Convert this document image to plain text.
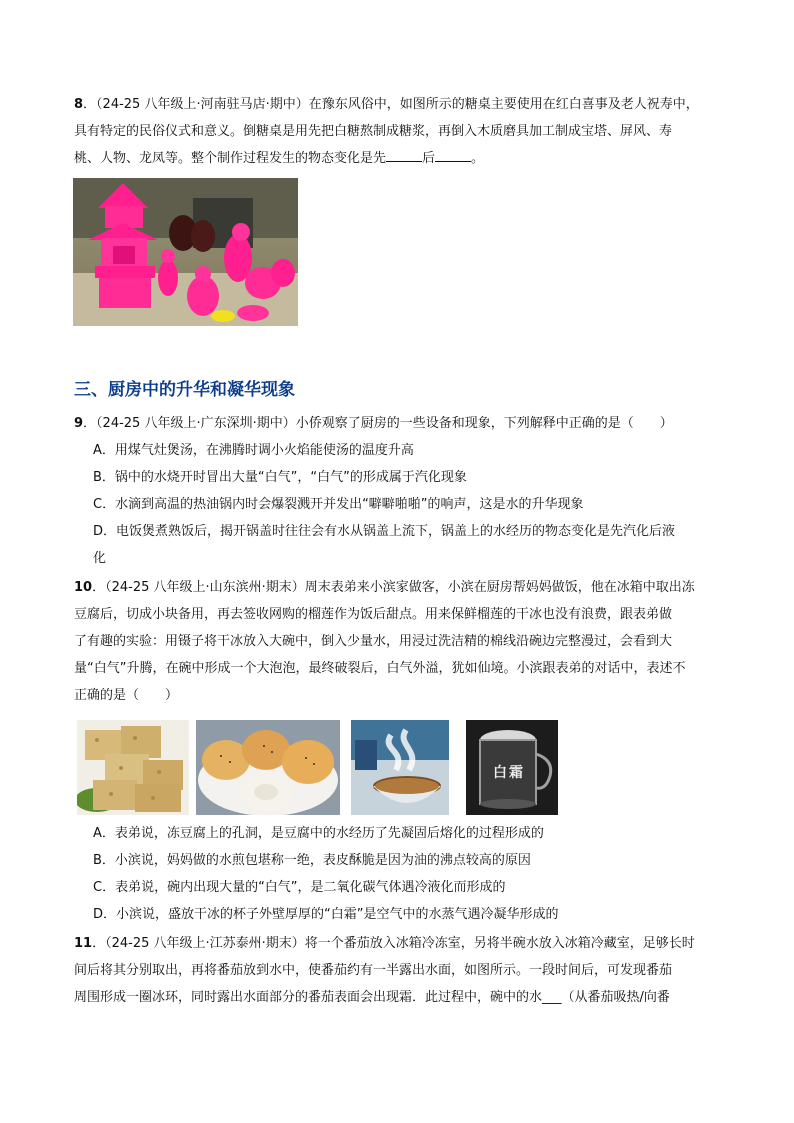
8．（24-25 八年级上·河南驻马店·期中）在豫东风俗中，如图所示的糖桌主要使用在红白喜事及老人祝寿中，
具有特定的民俗仪式和意义。倒糖桌是用先把白糖熬制成糖浆，再倒入木质磨具加工制成宝塔、屏风、寿
桃、人物、龙凤等。整个制作过程发生的物态变化是先	后	。
三、厨房中的升华和凝华现象
9．（24-25 八年级上·广东深圳·期中）小侨观察了厨房的一些设备和现象，下列解释中正确的是（　　）
A．用煤气灶煲汤，在沸腾时调小火焰能使汤的温度升高
B．锅中的水烧开时冒出大量“白气”，“白气”的形成属于汽化现象
C．水滴到高温的热油锅内时会爆裂溅开并发出“噼噼啪啪”的响声，这是水的升华现象
D．电饭煲煮熟饭后，揭开锅盖时往往会有水从锅盖上流下，锅盖上的水经历的物态变化是先汽化后液
化
10．（24-25 八年级上·山东滨州·期末）周末表弟来小滨家做客，小滨在厨房帮妈妈做饭，他在冰箱中取出冻
豆腐后，切成小块备用，再去签收网购的榴莲作为饭后甜点。用来保鲜榴莲的干冰也没有浪费，跟表弟做
了有趣的实验：用镊子将干冰放入大碗中，倒入少量水，用浸过洗洁精的棉线沿碗边完整漫过，会看到大
量“白气”升腾，在碗中形成一个大泡泡，最终破裂后，白气外溢，犹如仙境。小滨跟表弟的对话中，表述不
正确的是（　　）
白霜
A．表弟说，冻豆腐上的孔洞，是豆腐中的水经历了先凝固后熔化的过程形成的
B．小滨说，妈妈做的水煎包堪称一绝，表皮酥脆是因为油的沸点较高的原因
C．表弟说，碗内出现大量的“白气”，是二氧化碳气体遇冷液化而形成的
D．小滨说，盛放干冰的杯子外壁厚厚的“白霜”是空气中的水蒸气遇冷凝华形成的
11．（24-25 八年级上·江苏泰州·期末）将一个番茄放入冰箱冷冻室，另将半碗水放入冰箱冷藏室，足够长时
间后将其分别取出，再将番茄放到水中，使番茄约有一半露出水面，如图所示。一段时间后，可发现番茄
周围形成一圈冰环，同时露出水面部分的番茄表面会出现霜．此过程中，碗中的水___（从番茄吸热/向番
